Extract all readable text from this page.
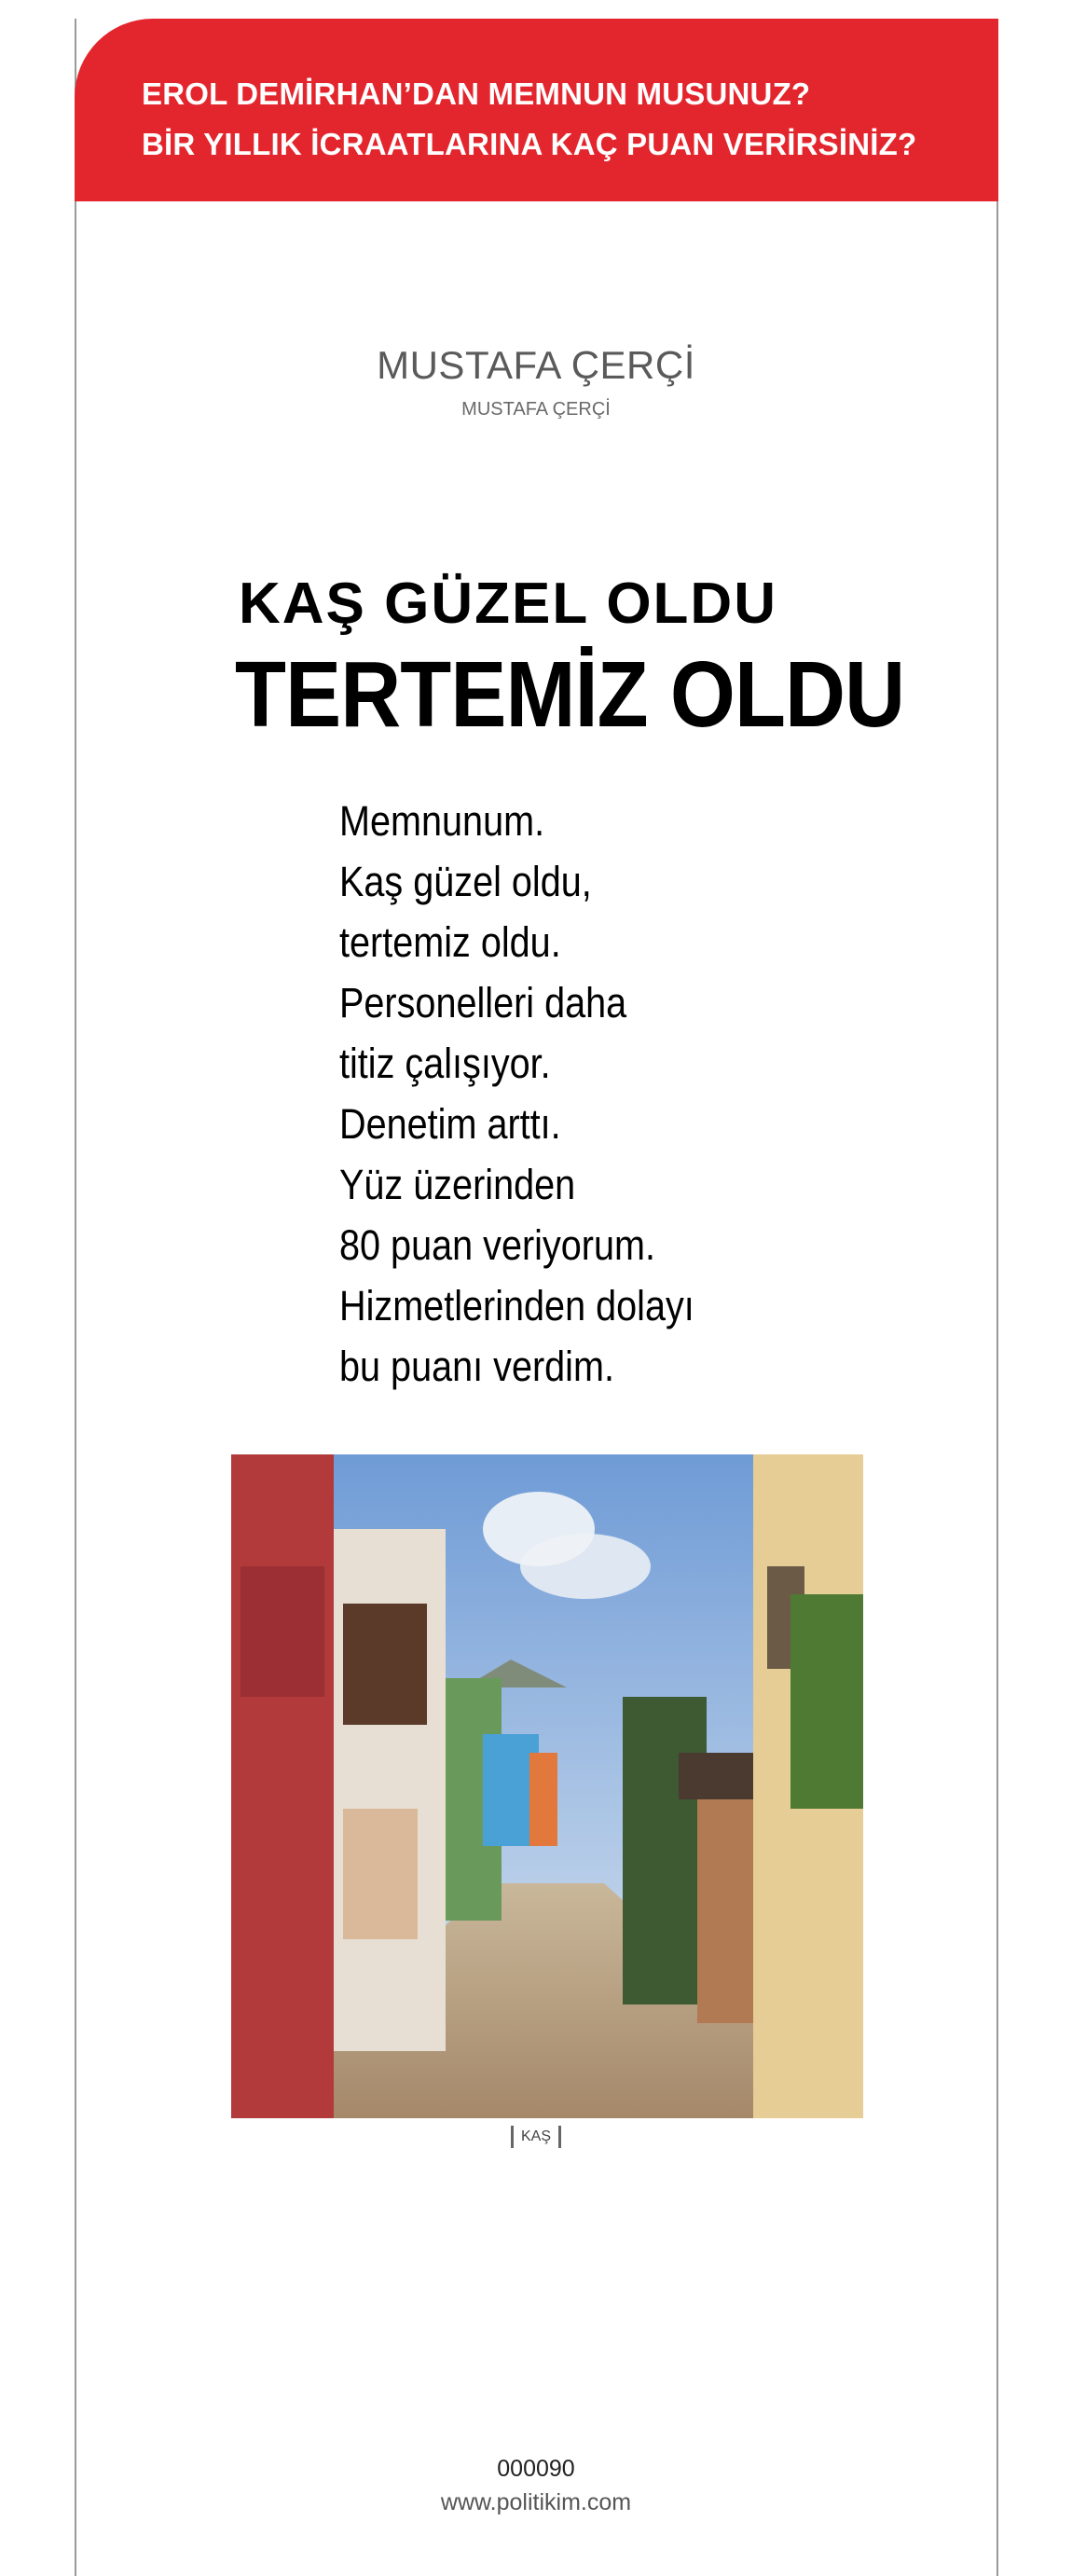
EROL DEMİRHAN’DAN MEMNUN MUSUNUZ?
BİR YILLIK İCRAATLARINA KAÇ PUAN VERİRSİNİZ?
MUSTAFA ÇERÇİ
MUSTAFA ÇERÇİ
KAŞ GÜZEL OLDU
TERTEMİZ OLDU
Memnunum.
Kaş güzel oldu,
tertemiz oldu.
Personelleri daha
titiz çalışıyor.
Denetim arttı.
Yüz üzerinden
80 puan veriyorum.
Hizmetlerinden dolayı
bu puanı verdim.
KAŞ
000090
www.politikim.com
